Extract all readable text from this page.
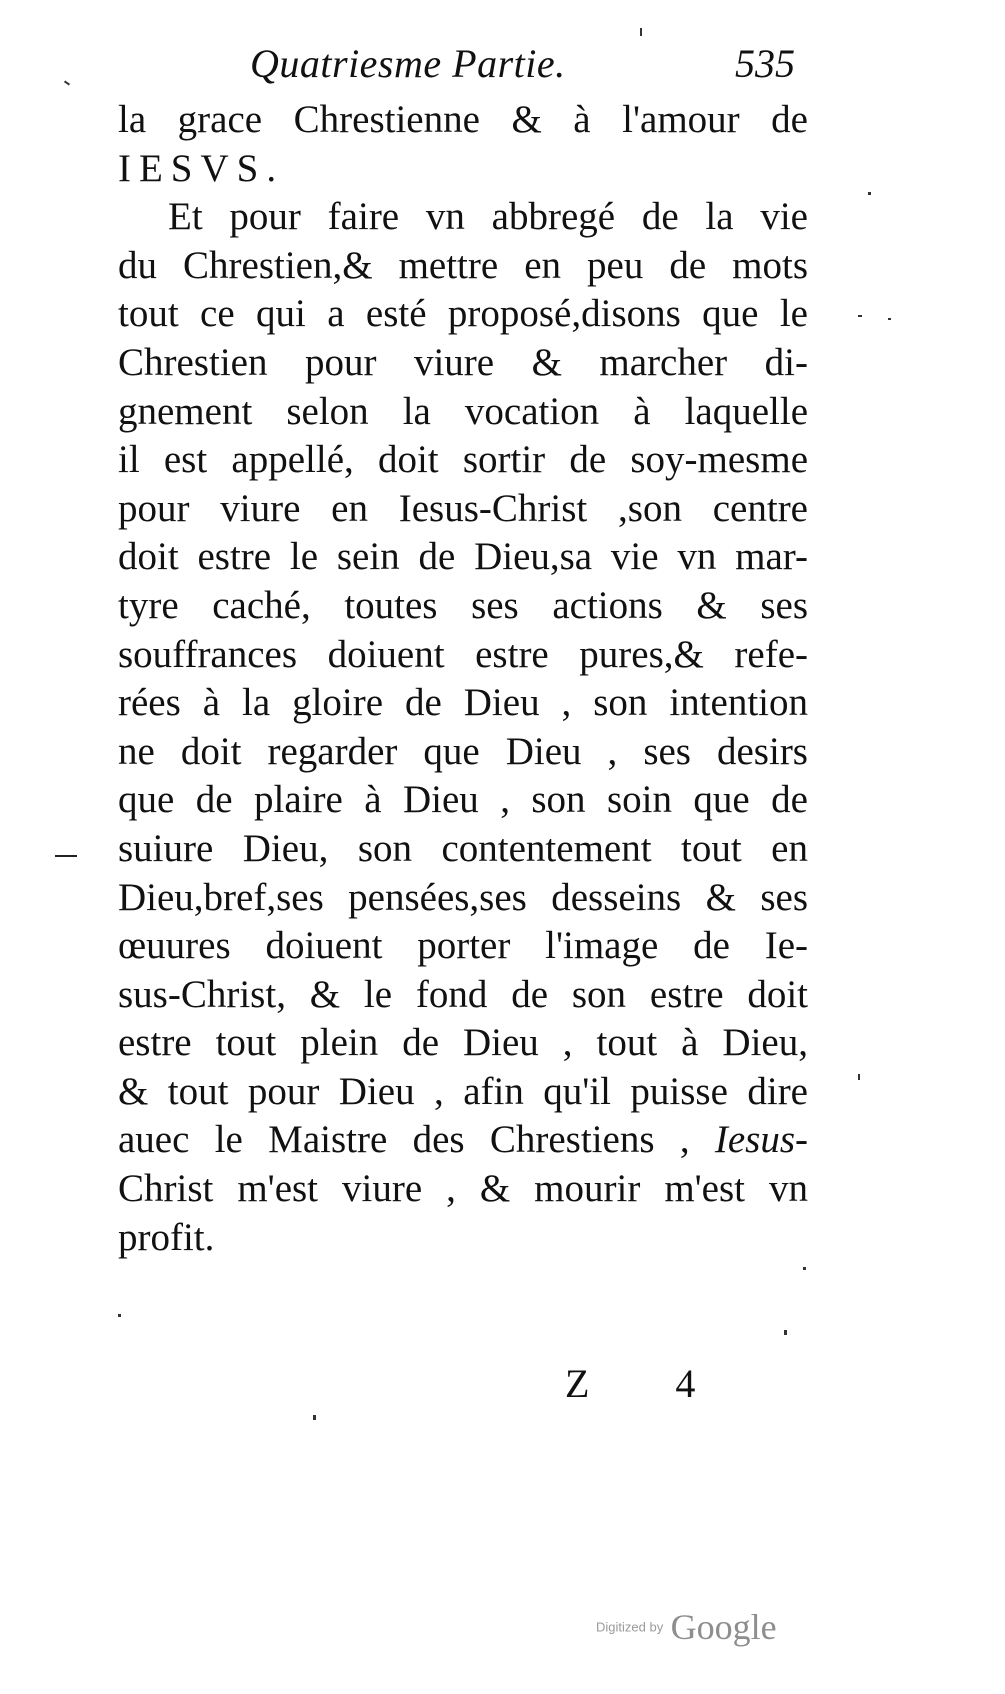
Quatriesme Partie.	535
la grace Chrestienne & à l'amour de
IESVS.
Et pour faire vn abbregé de la vie
du Chrestien,& mettre en peu de mots
tout ce qui a esté proposé,disons que le
Chrestien pour viure & marcher di-
gnement selon la vocation à laquelle
il est appellé, doit sortir de soy-mesme
pour viure en Iesus-Christ ,son centre
doit estre le sein de Dieu,sa vie vn mar-
tyre caché, toutes ses actions & ses
souffrances doiuent estre pures,& refe-
rées à la gloire de Dieu , son intention
ne doit regarder que Dieu , ses desirs
que de plaire à Dieu , son soin que de
suiure Dieu, son contentement tout en
Dieu,bref,ses pensées,ses desseins & ses
œuures doiuent porter l'image de Ie-
sus-Christ, & le fond de son estre doit
estre tout plein de Dieu , tout à Dieu,
& tout pour Dieu , afin qu'il puisse dire
auec le Maistre des Chrestiens , Iesus-
Christ m'est viure , & mourir m'est vn
profit.
Z 4
Digitized by Google
